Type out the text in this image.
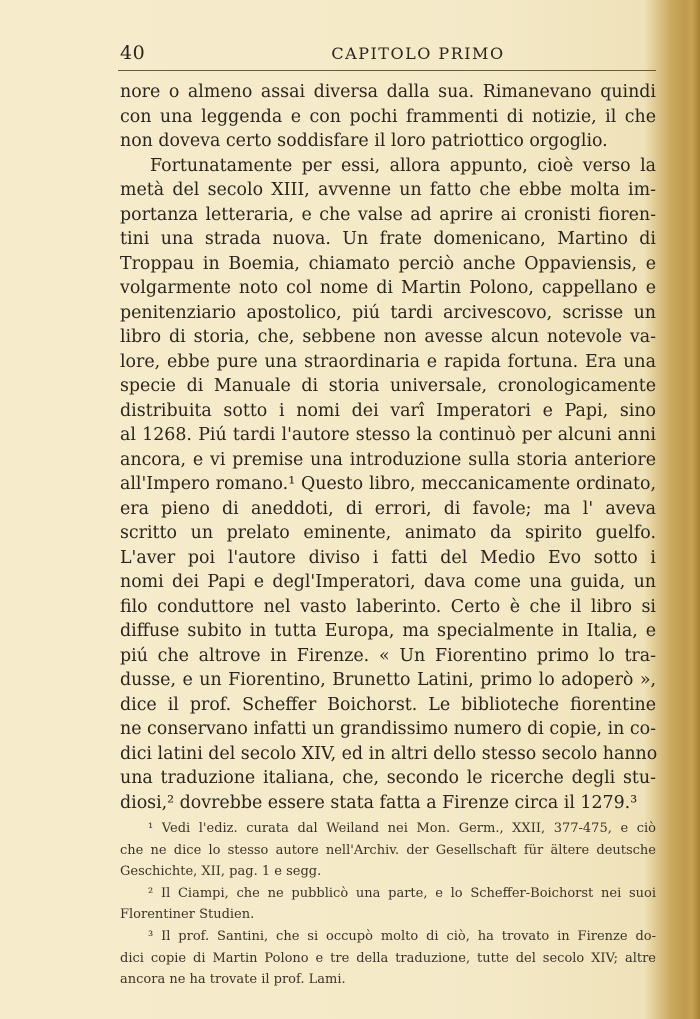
40	CAPITOLO PRIMO
nore o almeno assai diversa dalla sua. Rimanevano quindi
con una leggenda e con pochi frammenti di notizie, il che
non doveva certo soddisfare il loro patriottico orgoglio.
Fortunatamente per essi, allora appunto, cioè verso la
metà del secolo XIII, avvenne un fatto che ebbe molta im-
portanza letteraria, e che valse ad aprire ai cronisti fioren-
tini una strada nuova. Un frate domenicano, Martino di
Troppau in Boemia, chiamato perciò anche Oppaviensis, e
volgarmente noto col nome di Martin Polono, cappellano e
penitenziario apostolico, piú tardi arcivescovo, scrisse un
libro di storia, che, sebbene non avesse alcun notevole va-
lore, ebbe pure una straordinaria e rapida fortuna. Era una
specie di Manuale di storia universale, cronologicamente
distribuita sotto i nomi dei varî Imperatori e Papi, sino
al 1268. Piú tardi l'autore stesso la continuò per alcuni anni
ancora, e vi premise una introduzione sulla storia anteriore
all'Impero romano.¹ Questo libro, meccanicamente ordinato,
era pieno di aneddoti, di errori, di favole; ma l' aveva
scritto un prelato eminente, animato da spirito guelfo.
L'aver poi l'autore diviso i fatti del Medio Evo sotto i
nomi dei Papi e degl'Imperatori, dava come una guida, un
filo conduttore nel vasto laberinto. Certo è che il libro si
diffuse subito in tutta Europa, ma specialmente in Italia, e
piú che altrove in Firenze. « Un Fiorentino primo lo tra-
dusse, e un Fiorentino, Brunetto Latini, primo lo adoperò »,
dice il prof. Scheffer Boichorst. Le biblioteche fiorentine
ne conservano infatti un grandissimo numero di copie, in co-
dici latini del secolo XIV, ed in altri dello stesso secolo hanno
una traduzione italiana, che, secondo le ricerche degli stu-
diosi,² dovrebbe essere stata fatta a Firenze circa il 1279.³
¹ Vedi l'ediz. curata dal Weiland nei Mon. Germ., XXII, 377-475, e ciò
che ne dice lo stesso autore nell'Archiv. der Gesellschaft für ältere deutsche
Geschichte, XII, pag. 1 e segg.
² Il Ciampi, che ne pubblicò una parte, e lo Scheffer-Boichorst nei suoi
Florentiner Studien.
³ Il prof. Santini, che si occupò molto di ciò, ha trovato in Firenze do-
dici copie di Martin Polono e tre della traduzione, tutte del secolo XIV; altre
ancora ne ha trovate il prof. Lami.
